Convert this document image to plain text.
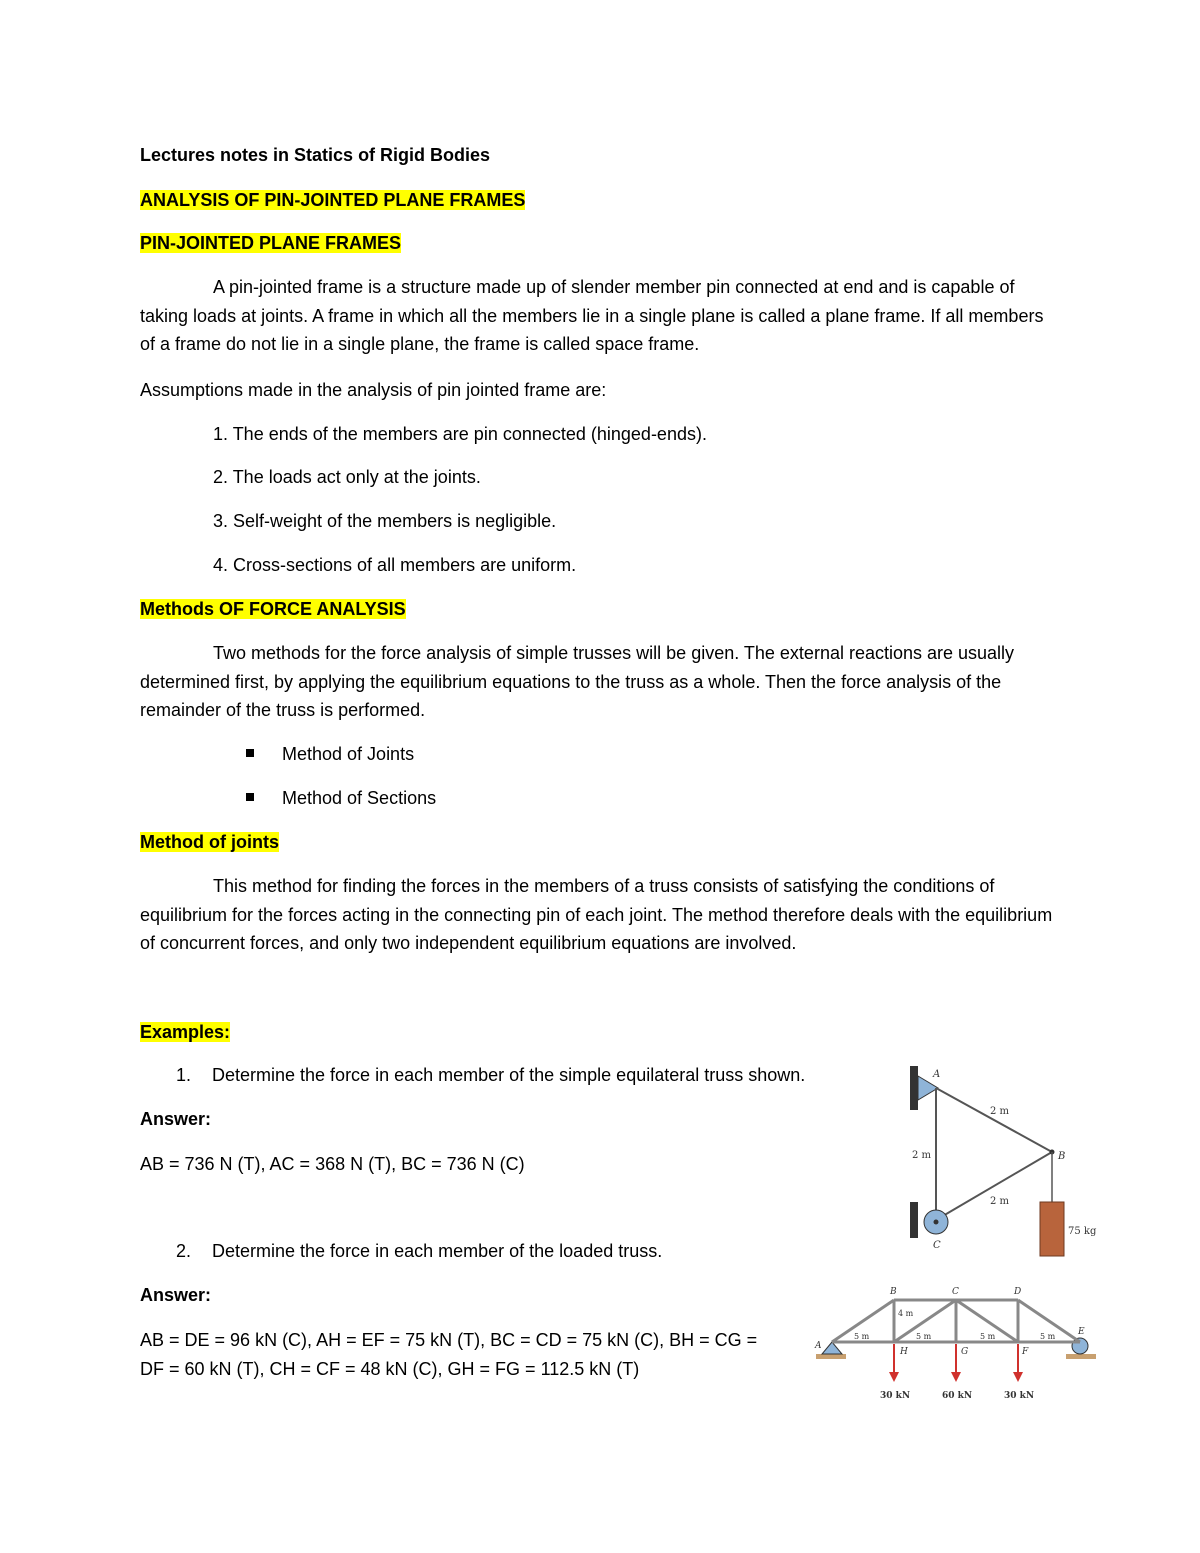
Lectures notes in Statics of Rigid Bodies
ANALYSIS OF PIN-JOINTED PLANE FRAMES
PIN-JOINTED PLANE FRAMES
A pin-jointed frame is a structure made up of slender member pin connected at end and is capable of taking loads at joints. A frame in which all the members lie in a single plane is called a plane frame. If all members of a frame do not lie in a single plane, the frame is called space frame.
Assumptions made in the analysis of pin jointed frame are:
1. The ends of the members are pin connected (hinged-ends).
2. The loads act only at the joints.
3. Self-weight of the members is negligible.
4. Cross-sections of all members are uniform.
Methods OF FORCE ANALYSIS
Two methods for the force analysis of simple trusses will be given. The external reactions are usually determined first, by applying the equilibrium equations to the truss as a whole. Then the force analysis of the remainder of the truss is performed.
Method of Joints
Method of Sections
Method of joints
This method for finding the forces in the members of a truss consists of satisfying the conditions of equilibrium for the forces acting in the connecting pin of each joint. The method therefore deals with the equilibrium of concurrent forces, and only two independent equilibrium equations are involved.
Examples:
1. Determine the force in each member of the simple equilateral truss shown.
Answer:
AB = 736 N (T), AC = 368 N (T), BC = 736 N (C)
2. Determine the force in each member of the loaded truss.
Answer:
AB = DE = 96 kN (C), AH = EF = 75 kN (T), BC = CD = 75 kN (C), BH = CG =
DF = 60 kN (T), CH = CF = 48 kN (C), GH = FG = 112.5 kN (T)
A
B
C
2 m
2 m
2 m
75 kg
A
B	C	D
E
H	G	F
4 m
5 m	5 m	5 m	5 m
30 kN	60 kN	30 kN
